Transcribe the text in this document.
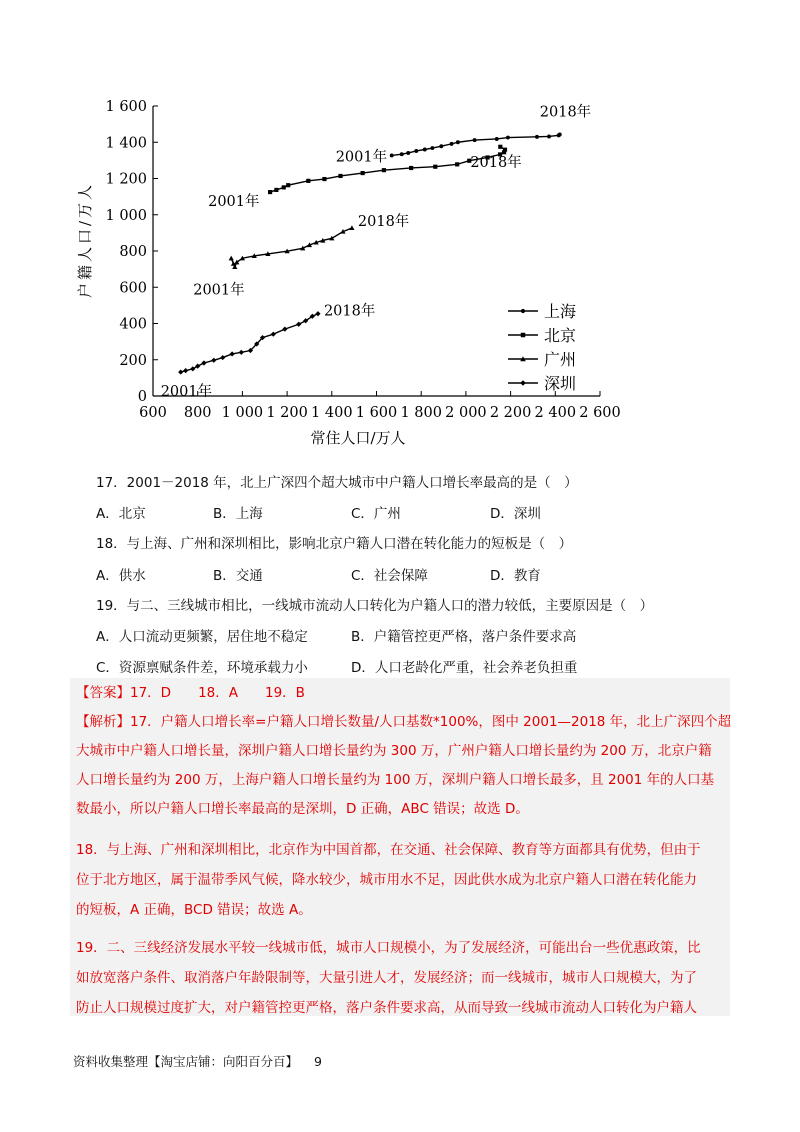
0
200
400
600
800
1 000
1 200
1 400
1 600
600 800 1 000 1 200 1 400 1 600 1 800 2 000 2 200 2 400 2 600
常住人口/万人
户籍人口/万人
2001年
2018年
2001年
2018年
2001年
2018年
2001年
2018年	上海
北京
广州
深圳
17．2001－2018 年，北上广深四个超大城市中户籍人口增长率最高的是（　）
A．北京	B．上海	C．广州	D．深圳
18．与上海、广州和深圳相比，影响北京户籍人口潜在转化能力的短板是（　）
A．供水	B．交通	C．社会保障	D．教育
19．与二、三线城市相比，一线城市流动人口转化为户籍人口的潜力较低，主要原因是（　）
A．人口流动更频繁，居住地不稳定	B．户籍管控更严格，落户条件要求高
C．资源禀赋条件差，环境承载力小	D．人口老龄化严重，社会养老负担重
【答案】17．D　　18．A　　19．B
【解析】17．户籍人口增长率=户籍人口增长数量/人口基数*100%，图中 2001—2018 年，北上广深四个超
大城市中户籍人口增长量，深圳户籍人口增长量约为 300 万，广州户籍人口增长量约为 200 万，北京户籍
人口增长量约为 200 万，上海户籍人口增长量约为 100 万，深圳户籍人口增长最多，且 2001 年的人口基
数最小，所以户籍人口增长率最高的是深圳，D 正确，ABC 错误；故选 D。
18．与上海、广州和深圳相比，北京作为中国首都，在交通、社会保障、教育等方面都具有优势，但由于
位于北方地区，属于温带季风气候，降水较少，城市用水不足，因此供水成为北京户籍人口潜在转化能力
的短板，A 正确，BCD 错误；故选 A。
19．二、三线经济发展水平较一线城市低，城市人口规模小，为了发展经济，可能出台一些优惠政策，比
如放宽落户条件、取消落户年龄限制等，大量引进人才，发展经济；而一线城市，城市人口规模大，为了
防止人口规模过度扩大，对户籍管控更严格，落户条件要求高，从而导致一线城市流动人口转化为户籍人
资料收集整理【淘宝店铺：向阳百分百】 9
